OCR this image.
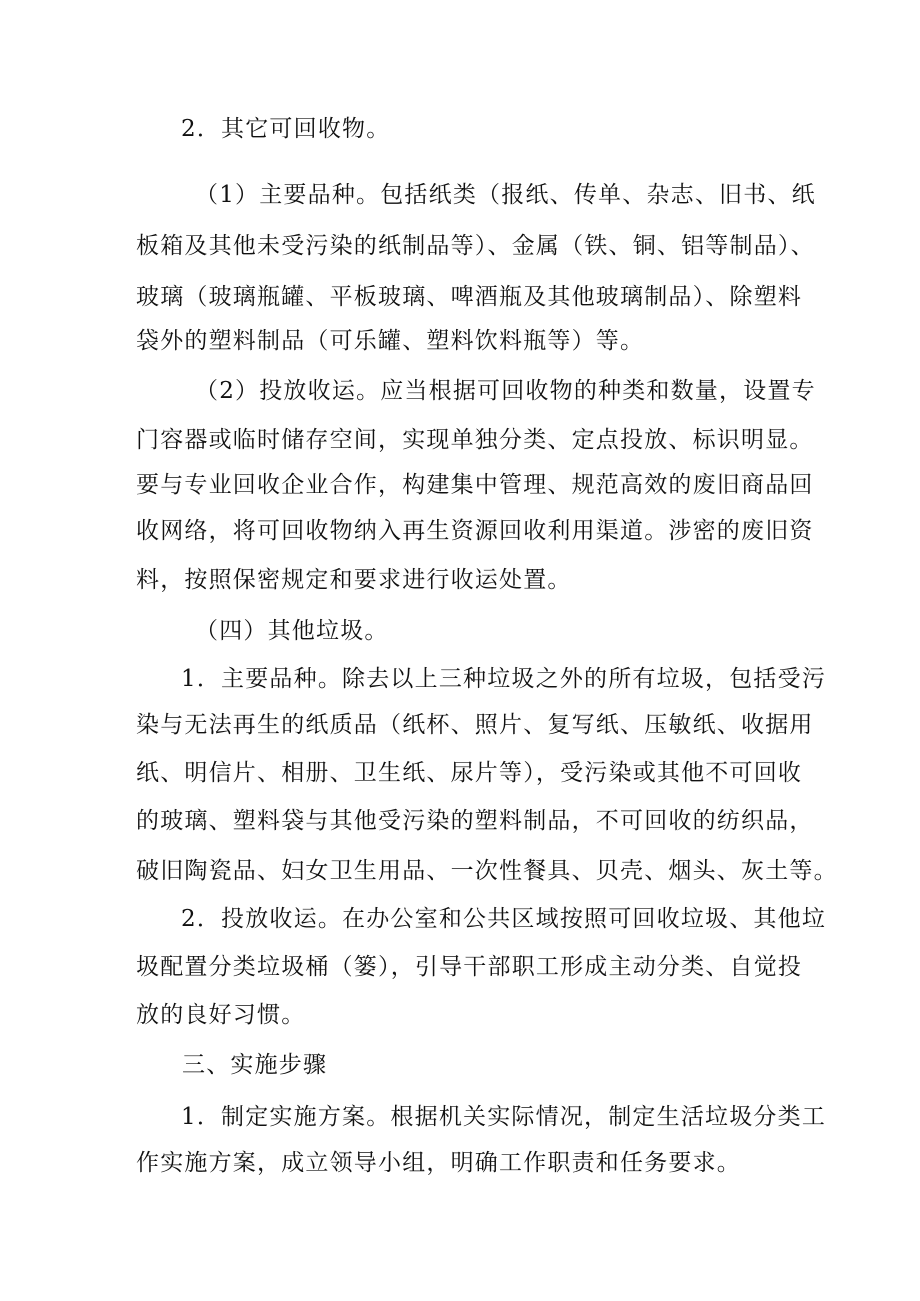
2．其它可回收物。
（1）主要品种。包括纸类（报纸、传单、杂志、旧书、纸
板箱及其他未受污染的纸制品等）、金属（铁、铜、铝等制品）、
玻璃（玻璃瓶罐、平板玻璃、啤酒瓶及其他玻璃制品）、除塑料
袋外的塑料制品（可乐罐、塑料饮料瓶等）等。
（2）投放收运。应当根据可回收物的种类和数量，设置专
门容器或临时储存空间，实现单独分类、定点投放、标识明显。
要与专业回收企业合作，构建集中管理、规范高效的废旧商品回
收网络，将可回收物纳入再生资源回收利用渠道。涉密的废旧资
料，按照保密规定和要求进行收运处置。
（四）其他垃圾。
1．主要品种。除去以上三种垃圾之外的所有垃圾，包括受污
染与无法再生的纸质品（纸杯、照片、复写纸、压敏纸、收据用
纸、明信片、相册、卫生纸、尿片等），受污染或其他不可回收
的玻璃、塑料袋与其他受污染的塑料制品，不可回收的纺织品，
破旧陶瓷品、妇女卫生用品、一次性餐具、贝壳、烟头、灰土等。
2．投放收运。在办公室和公共区域按照可回收垃圾、其他垃
圾配置分类垃圾桶（篓），引导干部职工形成主动分类、自觉投
放的良好习惯。
三、实施步骤
1．制定实施方案。根据机关实际情况，制定生活垃圾分类工
作实施方案，成立领导小组，明确工作职责和任务要求。
